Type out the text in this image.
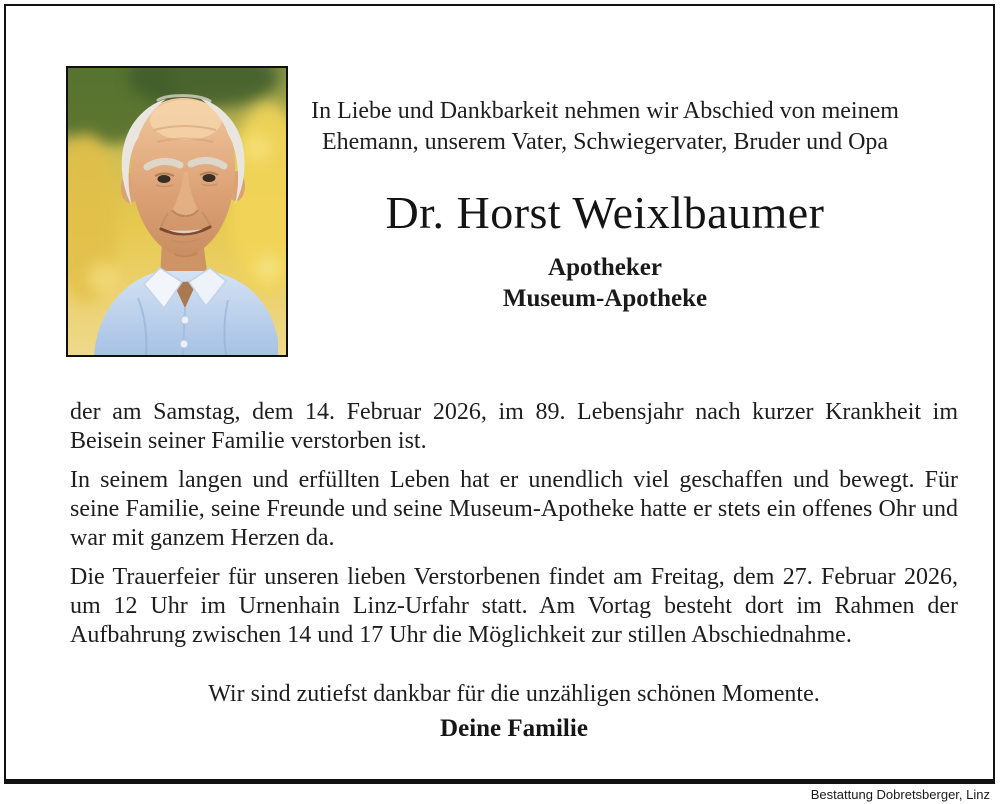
In Liebe und Dankbarkeit nehmen wir Abschied von meinem Ehemann, unserem Vater, Schwiegervater, Bruder und Opa

Dr. Horst Weixlbaumer

Apotheker

Museum-Apotheke

der am Samstag, dem 14. Februar 2026, im 89. Lebensjahr nach kurzer Krankheit im Beisein seiner Familie verstorben ist.

In seinem langen und erfüllten Leben hat er unendlich viel geschaffen und bewegt. Für seine Familie, seine Freunde und seine Museum-Apotheke hatte er stets ein offenes Ohr und war mit ganzem Herzen da.

Die Trauerfeier für unseren lieben Verstorbenen findet am Freitag, dem 27. Februar 2026, um 12 Uhr im Urnenhain Linz-Urfahr statt. Am Vortag besteht dort im Rahmen der Aufbahrung zwischen 14 und 17 Uhr die Möglichkeit zur stillen Abschiednahme.

Wir sind zutiefst dankbar für die unzähligen schönen Momente.

Deine Familie

Bestattung Dobretsberger, Linz
